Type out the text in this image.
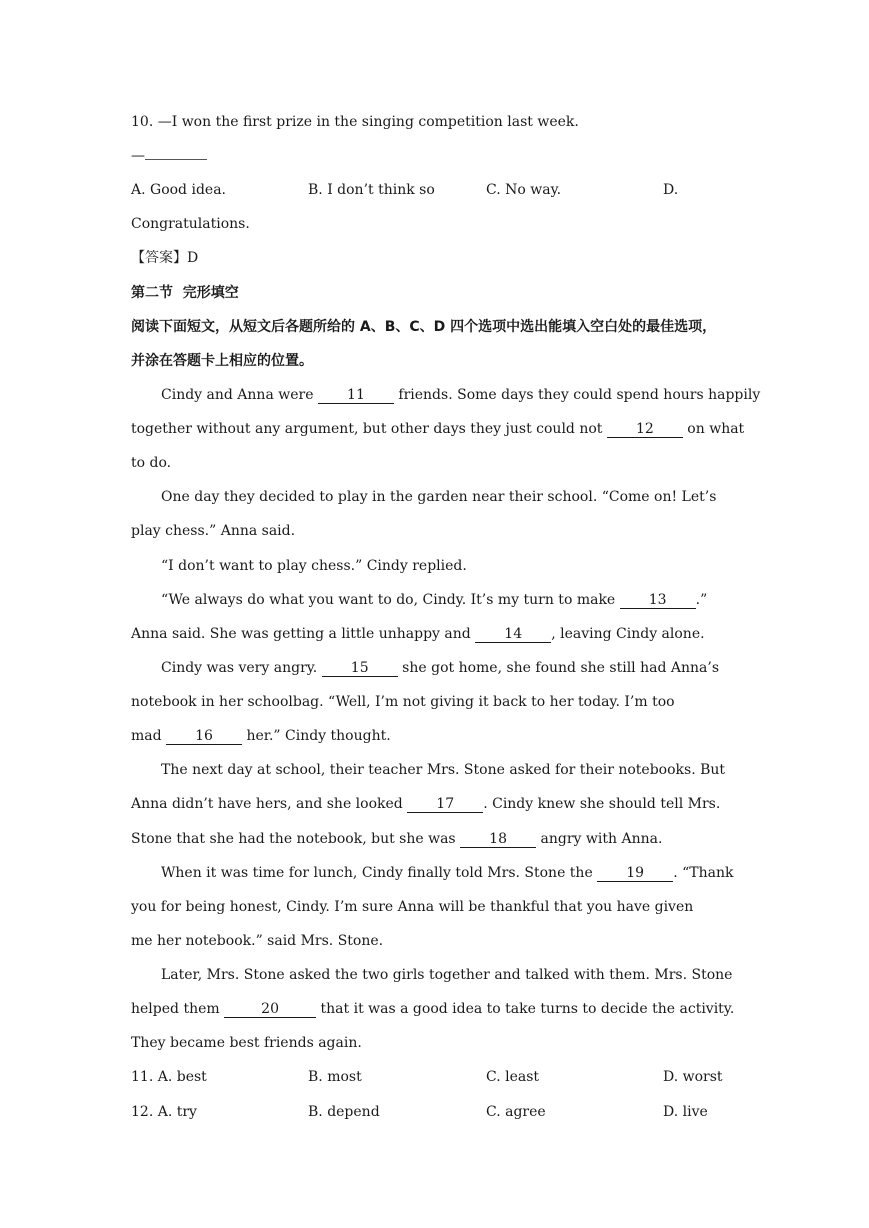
10. —I won the first prize in the singing competition last week.
—
A. Good idea.	B. I don’t think so	C. No way.	D.
Congratulations.
【答案】D
第二节  完形填空
阅读下面短文，从短文后各题所给的 A、B、C、D 四个选项中选出能填入空白处的最佳选项，
并涂在答题卡上相应的位置。
Cindy and Anna were 11 friends. Some days they could spend hours happily
together without any argument, but other days they just could not 12 on what
to do.
One day they decided to play in the garden near their school. “Come on! Let’s
play chess.” Anna said.
“I don’t want to play chess.” Cindy replied.
“We always do what you want to do, Cindy. It’s my turn to make 13 .”
Anna said. She was getting a little unhappy and 14 , leaving Cindy alone.
Cindy was very angry. 15 she got home, she found she still had Anna’s
notebook in her schoolbag. “Well, I’m not giving it back to her today. I’m too
mad 16 her.” Cindy thought.
The next day at school, their teacher Mrs. Stone asked for their notebooks. But
Anna didn’t have hers, and she looked 17 . Cindy knew she should tell Mrs.
Stone that she had the notebook, but she was 18 angry with Anna.
When it was time for lunch, Cindy finally told Mrs. Stone the 19 . “Thank
you for being honest, Cindy. I’m sure Anna will be thankful that you have given
me her notebook.” said Mrs. Stone.
Later, Mrs. Stone asked the two girls together and talked with them. Mrs. Stone
helped them	20	that it was a good idea to take turns to decide the activity.
They became best friends again.
11. A. best	B. most	C. least	D. worst
12. A. try	B. depend	C. agree	D. live
